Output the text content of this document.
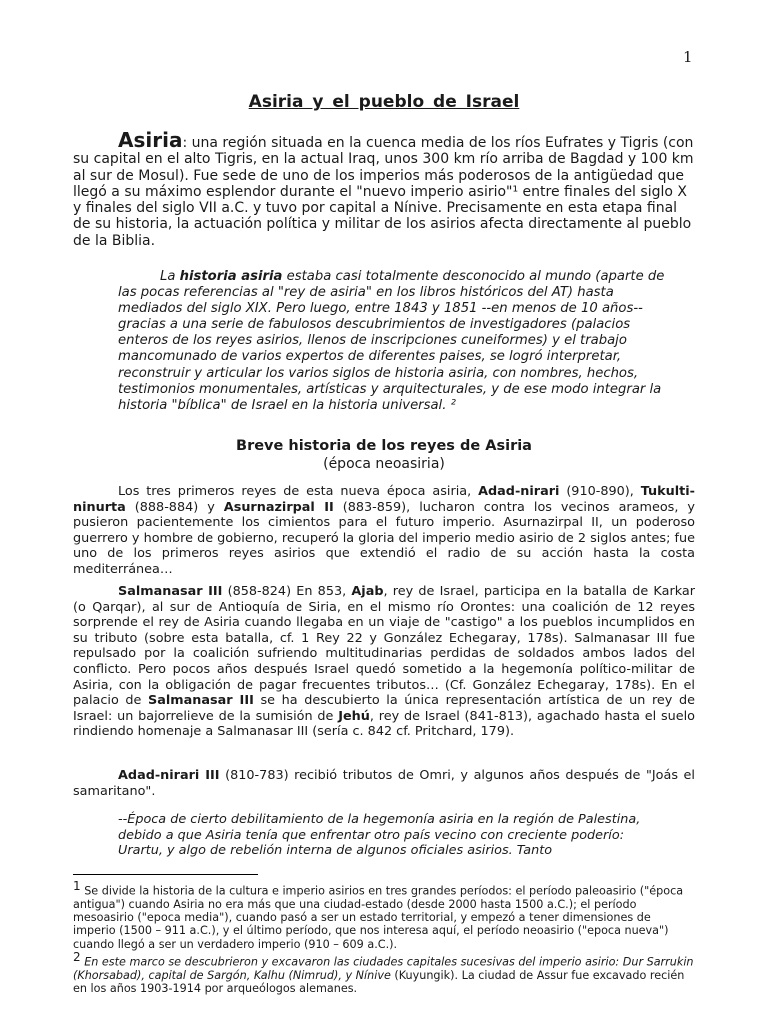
1
Asiria y el pueblo de Israel

Asiria: una región situada en la cuenca media de los ríos Eufrates y Tigris (con su capital en el alto Tigris, en la actual Iraq, unos 300 km río arriba de Bagdad y 100 km al sur de Mosul). Fue sede de uno de los imperios más poderosos de la antigüedad que llegó a su máximo esplendor durante el "nuevo imperio asirio"¹ entre finales del siglo X y finales del siglo VII a.C. y tuvo por capital a Nínive. Precisamente en esta etapa final de su historia, la actuación política y militar de los asirios afecta directamente al pueblo de la Biblia.

La historia asiria estaba casi totalmente desconocido al mundo (aparte de las pocas referencias al "rey de asiria" en los libros históricos del AT) hasta mediados del siglo XIX. Pero luego, entre 1843 y 1851 --en menos de 10 años--gracias a una serie de fabulosos descubrimientos de investigadores (palacios enteros de los reyes asirios, llenos de inscripciones cuneiformes) y el trabajo mancomunado de varios expertos de diferentes paises, se logró interpretar, reconstruir y articular los varios siglos de historia asiria, con nombres, hechos, testimonios monumentales, artísticas y arquitecturales, y de ese modo integrar la historia "bíblica" de Israel en la historia universal. ²

Breve historia de los reyes de Asiria
(época neoasiria)

Los tres primeros reyes de esta nueva época asiria, Adad-nirari (910-890), Tukulti-ninurta (888-884) y Asurnazirpal II (883-859), lucharon contra los vecinos arameos, y pusieron pacientemente los cimientos para el futuro imperio. Asurnazirpal II, un poderoso guerrero y hombre de gobierno, recuperó la gloria del imperio medio asirio de 2 siglos antes; fue uno de los primeros reyes asirios que extendió el radio de su acción hasta la costa mediterránea…

Salmanasar III (858-824) En 853, Ajab, rey de Israel, participa en la batalla de Karkar (o Qarqar), al sur de Antioquía de Siria, en el mismo río Orontes: una coalición de 12 reyes sorprende el rey de Asiria cuando llegaba en un viaje de "castigo" a los pueblos incumplidos en su tributo (sobre esta batalla, cf. 1 Rey 22 y González Echegaray, 178s). Salmanasar III fue repulsado por la coalición sufriendo multitudinarias perdidas de soldados ambos lados del conflicto. Pero pocos años después Israel quedó sometido a la hegemonía político-militar de Asiria, con la obligación de pagar frecuentes tributos… (Cf. González Echegaray, 178s). En el palacio de Salmanasar III se ha descubierto la única representación artística de un rey de Israel: un bajorrelieve de la sumisión de Jehú, rey de Israel (841-813), agachado hasta el suelo rindiendo homenaje a Salmanasar III (sería c. 842 cf. Pritchard, 179).

Adad-nirari III (810-783) recibió tributos de Omri, y algunos años después de "Joás el samaritano".

--Época de cierto debilitamiento de la hegemonía asiria en la región de Palestina, debido a que Asiria tenía que enfrentar otro país vecino con creciente poderío: Urartu, y algo de rebelión interna de algunos oficiales asirios. Tanto

$^1$ Se divide la historia de la cultura e imperio asirios en tres grandes períodos: el período paleoasirio ("época antigua") cuando Asiria no era más que una ciudad-estado (desde 2000 hasta 1500 a.C.); el período mesoasirio ("epoca media"), cuando pasó a ser un estado territorial, y empezó a tener dimensiones de imperio (1500 – 911 a.C.), y el último período, que nos interesa aquí, el período neoasirio ("epoca nueva") cuando llegó a ser un verdadero imperio (910 – 609 a.C.).
$^2$ En este marco se descubrieron y excavaron las ciudades capitales sucesivas del imperio asirio: Dur Sarrukin (Khorsabad), capital de Sargón, Kalhu (Nimrud), y Nínive (Kuyungik). La ciudad de Assur fue excavado recién en los años 1903-1914 por arqueólogos alemanes.
